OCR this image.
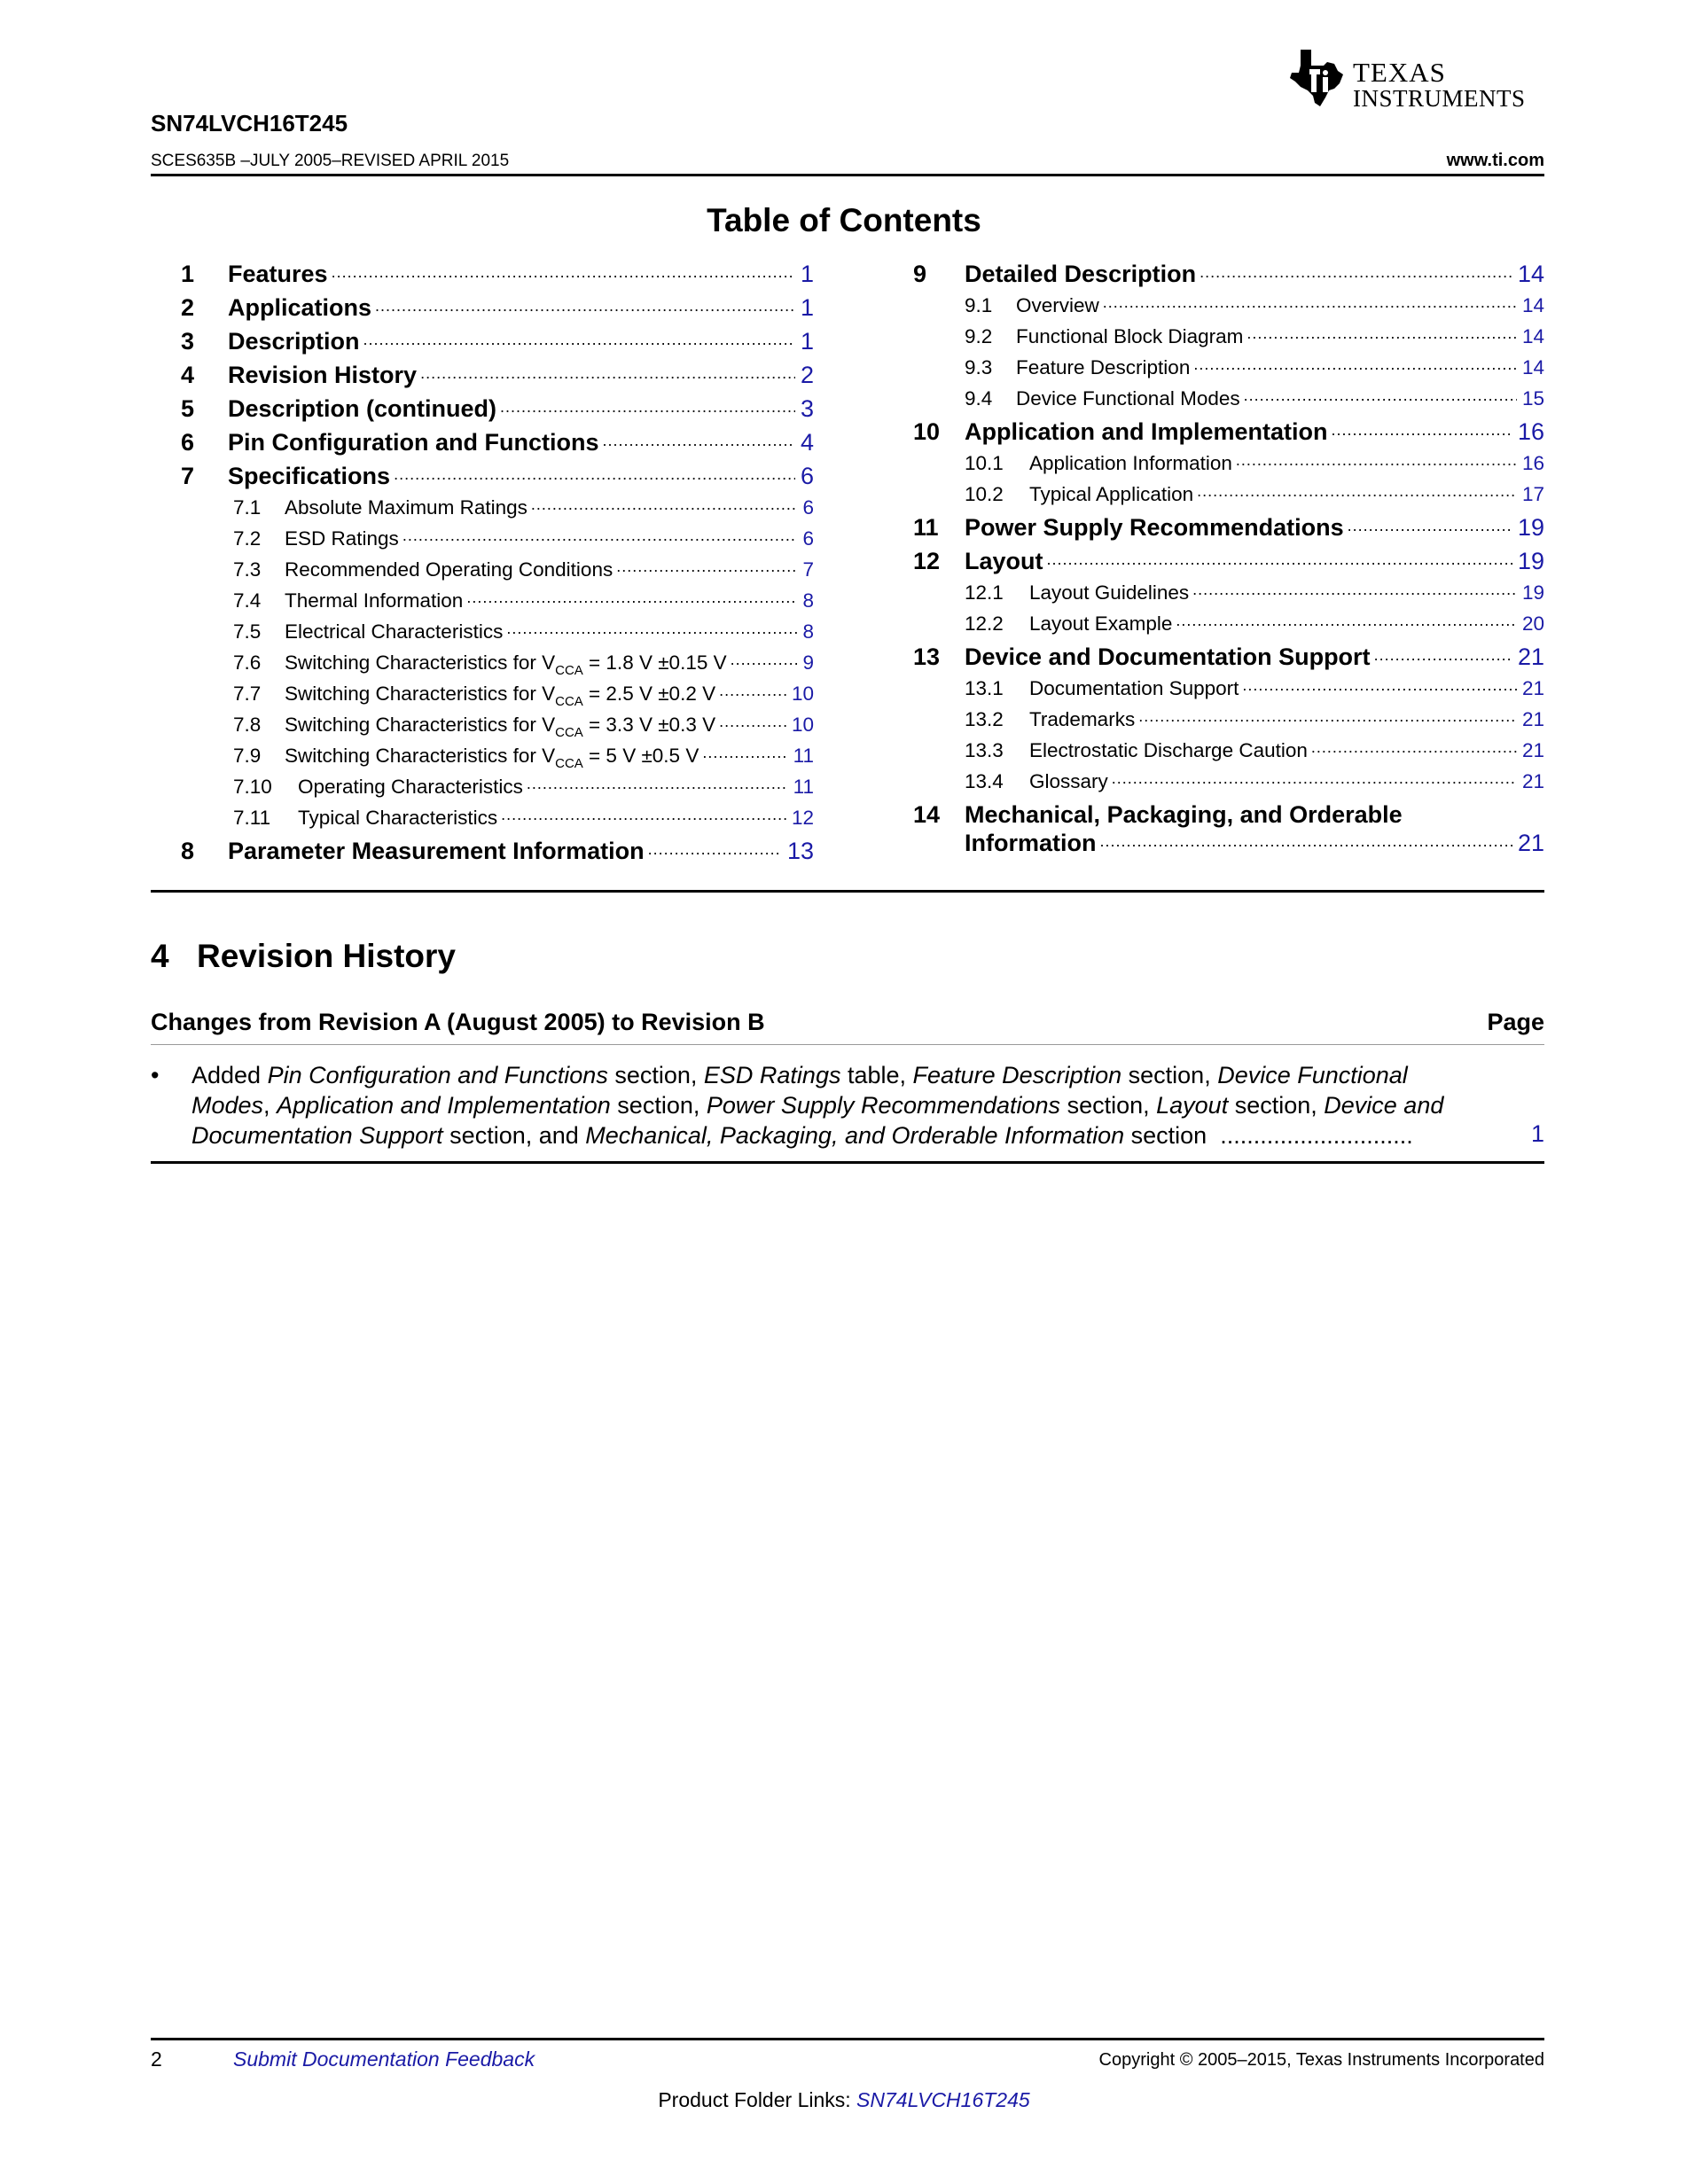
SN74LVCH16T245
SCES635B –JULY 2005–REVISED APRIL 2015	www.ti.com
TEXAS
INSTRUMENTS
Table of Contents
1	Features .....	1
2	Applications .....	1
3	Description .....	1
4	Revision History .....	2
5	Description (continued) .....	3
6	Pin Configuration and Functions .....	4
7	Specifications .....	6
7.1	Absolute Maximum Ratings .....	6
7.2	ESD Ratings .....	6
7.3	Recommended Operating Conditions .....	7
7.4	Thermal Information .....	8
7.5	Electrical Characteristics .....	8
7.6	Switching Characteristics for $V_{CCA} = 1.8$ V ±0.15 V .....	9
7.7	Switching Characteristics for $V_{CCA} = 2.5$ V ±0.2 V .....	10
7.8	Switching Characteristics for $V_{CCA} = 3.3$ V ±0.3 V .....	10
7.9	Switching Characteristics for $V_{CCA} = 5$ V ±0.5 V .....	11
7.10	Operating Characteristics .....	11
7.11	Typical Characteristics .....	12
8	Parameter Measurement Information .....	13
9	Detailed Description .....	14
9.1	Overview .....	14
9.2	Functional Block Diagram .....	14
9.3	Feature Description .....	14
9.4	Device Functional Modes .....	15
10	Application and Implementation .....	16
10.1	Application Information .....	16
10.2	Typical Application .....	17
11	Power Supply Recommendations .....	19
12	Layout .....	19
12.1	Layout Guidelines .....	19
12.2	Layout Example .....	20
13	Device and Documentation Support .....	21
13.1	Documentation Support .....	21
13.2	Trademarks .....	21
13.3	Electrostatic Discharge Caution .....	21
13.4	Glossary .....	21
14	Mechanical, Packaging, and Orderable
Information .....	21
4 Revision History
Changes from Revision A (August 2005) to Revision B	Page
• Added Pin Configuration and Functions section, ESD Ratings table, Feature Description section, Device Functional Modes, Application and Implementation section, Power Supply Recommendations section, Layout section, Device and Documentation Support section, and Mechanical, Packaging, and Orderable Information section .............................	1
2	Submit Documentation Feedback	Copyright © 2005–2015, Texas Instruments Incorporated
Product Folder Links: SN74LVCH16T245
